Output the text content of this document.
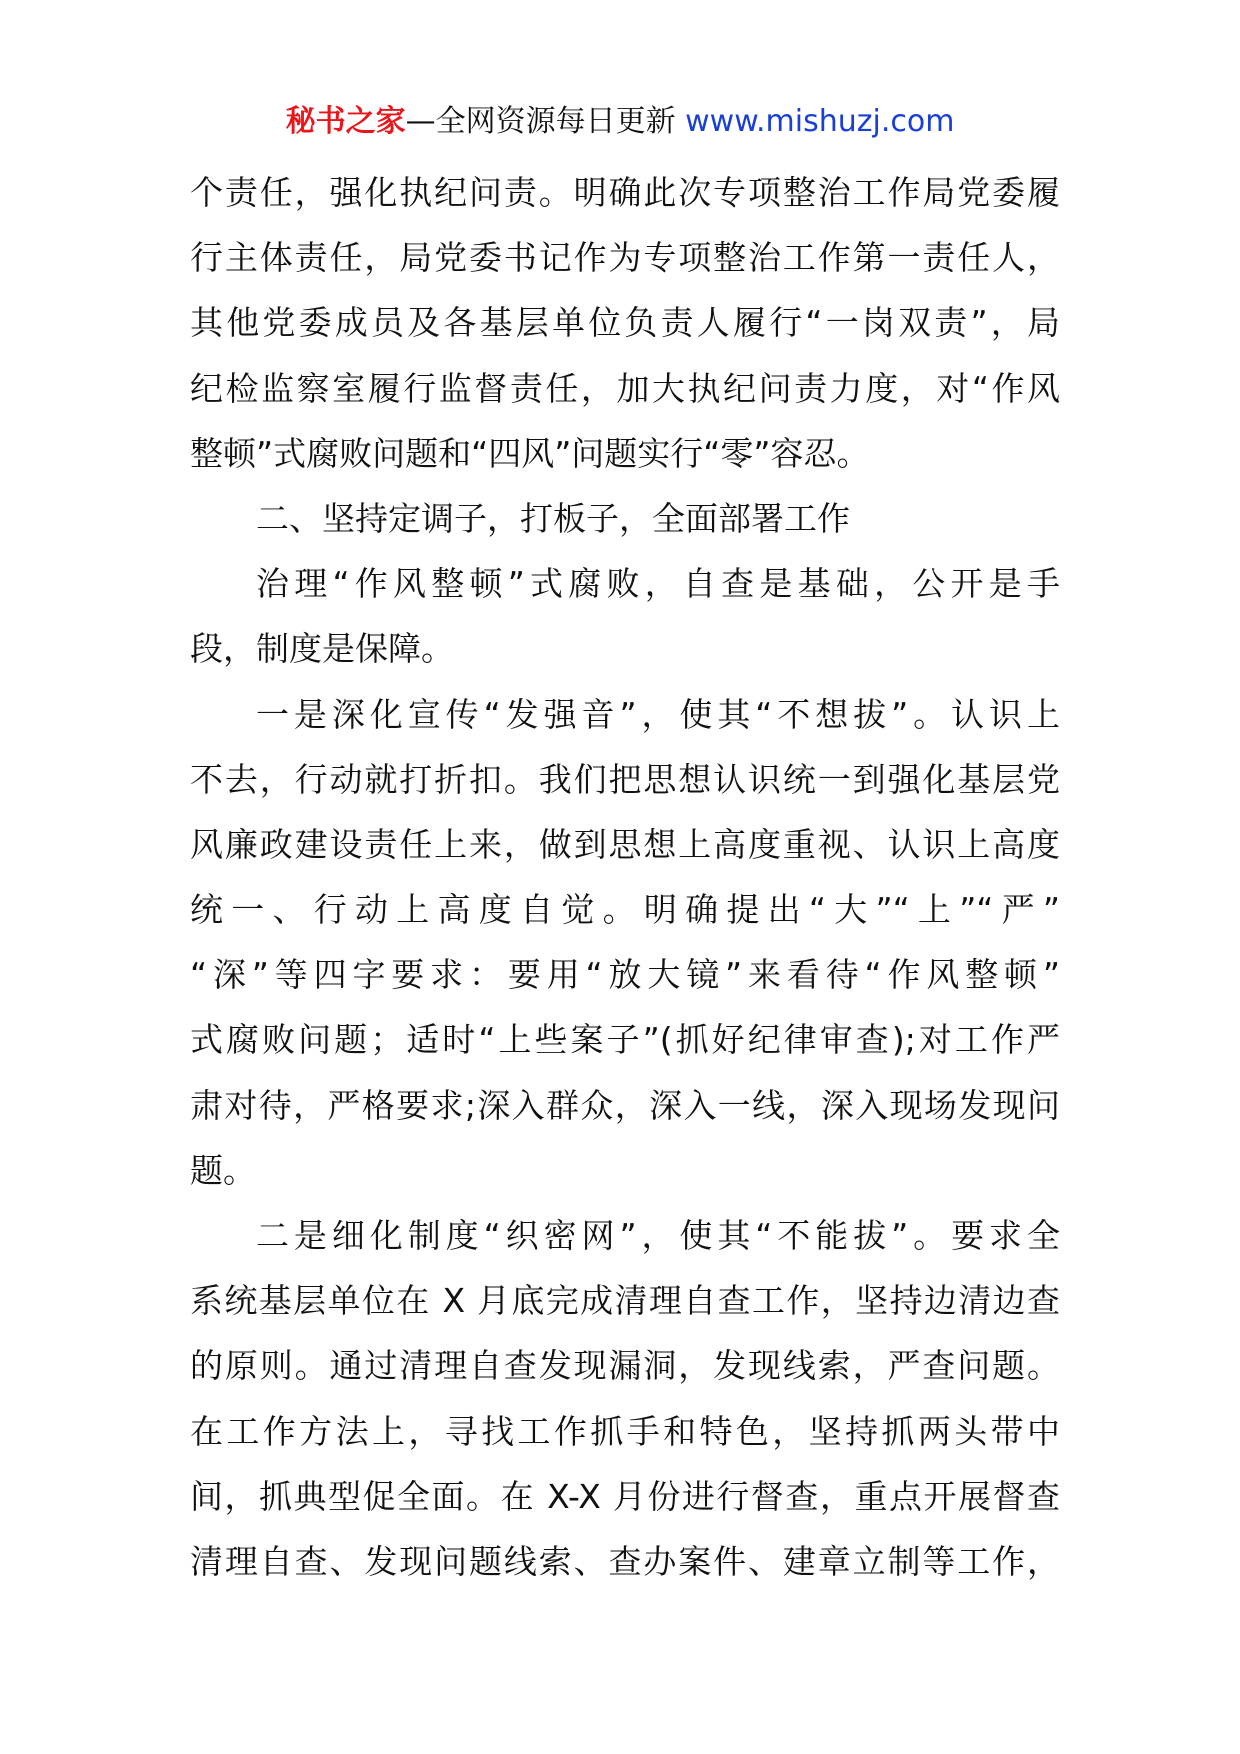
秘书之家—全网资源每日更新 www.mishuzj.com
个责任，强化执纪问责。明确此次专项整治工作局党委履
行主体责任，局党委书记作为专项整治工作第一责任人，
其他党委成员及各基层单位负责人履行“一岗双责”，局
纪检监察室履行监督责任，加大执纪问责力度，对“作风
整顿”式腐败问题和“四风”问题实行“零”容忍。
二、坚持定调子，打板子，全面部署工作
治理“作风整顿”式腐败，自查是基础，公开是手
段，制度是保障。
一是深化宣传“发强音”，使其“不想拔”。认识上
不去，行动就打折扣。我们把思想认识统一到强化基层党
风廉政建设责任上来，做到思想上高度重视、认识上高度
统一、行动上高度自觉。明确提出“大”“上”“严”
“深”等四字要求：要用“放大镜”来看待“作风整顿”
式腐败问题；适时“上些案子”(抓好纪律审查);对工作严
肃对待，严格要求;深入群众，深入一线，深入现场发现问
题。
二是细化制度“织密网”，使其“不能拔”。要求全
系统基层单位在 X 月底完成清理自查工作，坚持边清边查
的原则。通过清理自查发现漏洞，发现线索，严查问题。
在工作方法上，寻找工作抓手和特色，坚持抓两头带中
间，抓典型促全面。在 X-X 月份进行督查，重点开展督查
清理自查、发现问题线索、查办案件、建章立制等工作，
